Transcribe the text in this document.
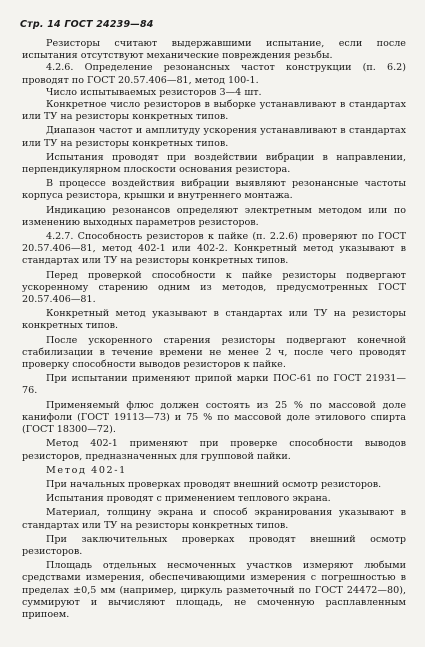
Стр. 14 ГОСТ 24239—84

Резисторы считают выдержавшими испытание, если после испытания отсутствуют механические повреждения резьбы.

4.2.6. Определение резонансных частот конструкции (п. 6.2) проводят по ГОСТ 20.57.406—81, метод 100-1.

Число испытываемых резисторов 3—4 шт.

Конкретное число резисторов в выборке устанавливают в стандартах или ТУ на резисторы конкретных типов.

Диапазон частот и амплитуду ускорения устанавливают в стандартах или ТУ на резисторы конкретных типов.

Испытания проводят при воздействии вибрации в направлении, перпендикулярном плоскости основания резистора.

В процессе воздействия вибрации выявляют резонансные частоты корпуса резистора, крышки и внутреннего монтажа.

Индикацию резонансов определяют электретным методом или по изменению выходных параметров резисторов.

4.2.7. Способность резисторов к пайке (п. 2.2.6) проверяют по ГОСТ 20.57.406—81, метод 402-1 или 402-2. Конкретный метод указывают в стандартах или ТУ на резисторы конкретных типов.

Перед проверкой способности к пайке резисторы подвергают ускоренному старению одним из методов, предусмотренных ГОСТ 20.57.406—81.

Конкретный метод указывают в стандартах или ТУ на резисторы конкретных типов.

После ускоренного старения резисторы подвергают конечной стабилизации в течение времени не менее 2 ч, после чего проводят проверку способности выводов резисторов к пайке.

При испытании применяют припой марки ПОС-61 по ГОСТ 21931—76.

Применяемый флюс должен состоять из 25 % по массовой доле канифоли (ГОСТ 19113—73) и 75 % по массовой доле этилового спирта (ГОСТ 18300—72).

Метод 402-1 применяют при проверке способности выводов резисторов, предназначенных для групповой пайки.

Метод 402-1

При начальных проверках проводят внешний осмотр резисторов.

Испытания проводят с применением теплового экрана.

Материал, толщину экрана и способ экранирования указывают в стандартах или ТУ на резисторы конкретных типов.

При заключительных проверках проводят внешний осмотр резисторов.

Площадь отдельных несмоченных участков измеряют любыми средствами измерения, обеспечивающими измерения с погрешностью в пределах ±0,5 мм (например, циркуль разметочный по ГОСТ 24472—80), суммируют и вычисляют площадь, не смоченную расплавленным припоем.
